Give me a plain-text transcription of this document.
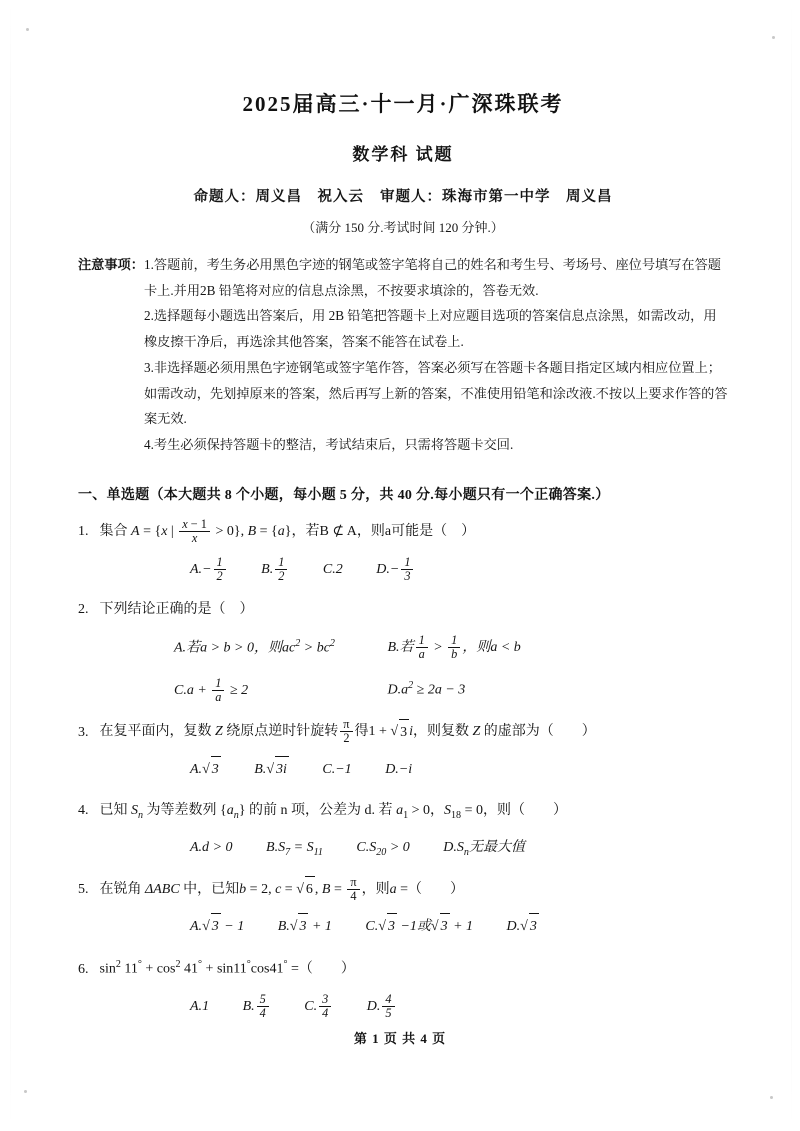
2025届高三·十一月·广深珠联考
数学科 试题
命题人：周义昌　祝入云 审题人：珠海市第一中学　周义昌
（满分 150 分.考试时间 120 分钟.）
注意事项： 1.答题前，考生务必用黑色字迹的钢笔或签字笔将自己的姓名和考生号、考场号、座位号填写在答题卡上.并用2B 铅笔将对应的信息点涂黑，不按要求填涂的，答卷无效.
2.选择题每小题选出答案后，用 2B 铅笔把答题卡上对应题目选项的答案信息点涂黑，如需改动，用橡皮擦干净后，再选涂其他答案，答案不能答在试卷上.
3.非选择题必须用黑色字迹钢笔或签字笔作答，答案必须写在答题卡各题目指定区域内相应位置上；如需改动，先划掉原来的答案，然后再写上新的答案，不准使用铅笔和涂改液.不按以上要求作答的答案无效.
4.考生必须保持答题卡的整洁，考试结束后，只需将答题卡交回.
一、单选题（本大题共 8 个小题，每小题 5 分，共 40 分.每小题只有一个正确答案.）
1. 集合 A = {x | $\frac{x - 1}{x} > 0$}, B = {a}，若B ⊄ A，则a可能是（　）
$A.- \frac{1}{2}$	B. $\frac{1}{2}$	C.2 $D.- \frac{1}{3}$
2. 下列结论正确的是（　）
A.若a > b > 0，则$ac^2 > bc^2$	B.若 $\frac{1}{a} > \frac{1}{b}$ ，则a < b
$C.a + \frac{1}{a} \ge 2$	$D.a^2 \ge 2a - 3$
3. 在复平面内，复数 Z 绕原点逆时针旋转 $\frac{\pi}{2}$ 得1 + √ 3 i，则复数 Z 的虚部为（　　）
A.√ 3	B.√ 3i	C.−1 D.−i
4. 已知 $S_n$ 为等差数列 $\{a_n\}$ 的前 n 项，公差为 d. 若 $a_1 > 0$，$S_{18} = 0$，则（　　）
A.d > 0 $B.S_7 = S_{11}$ $C.S_{20} > 0$ $D.S_n$无最大值
5. 在锐角 ΔABC 中，已知b = 2, c = √ 6 , $B = \frac{\pi}{4}$ ，则a =（　　）
A.√ 3 − 1 B.√ 3 + 1 C.√ 3 −1或√ 3 + 1 D.√ 3
6. $\sin^2 11^\circ + \cos^2 41^\circ + \sin 11^\circ\cos 41^\circ$ =（　　）
A.1 B. $\frac{5}{4}$	C. $\frac{3}{4}$	D. $\frac{4}{5}$
第 1 页 共 4 页
